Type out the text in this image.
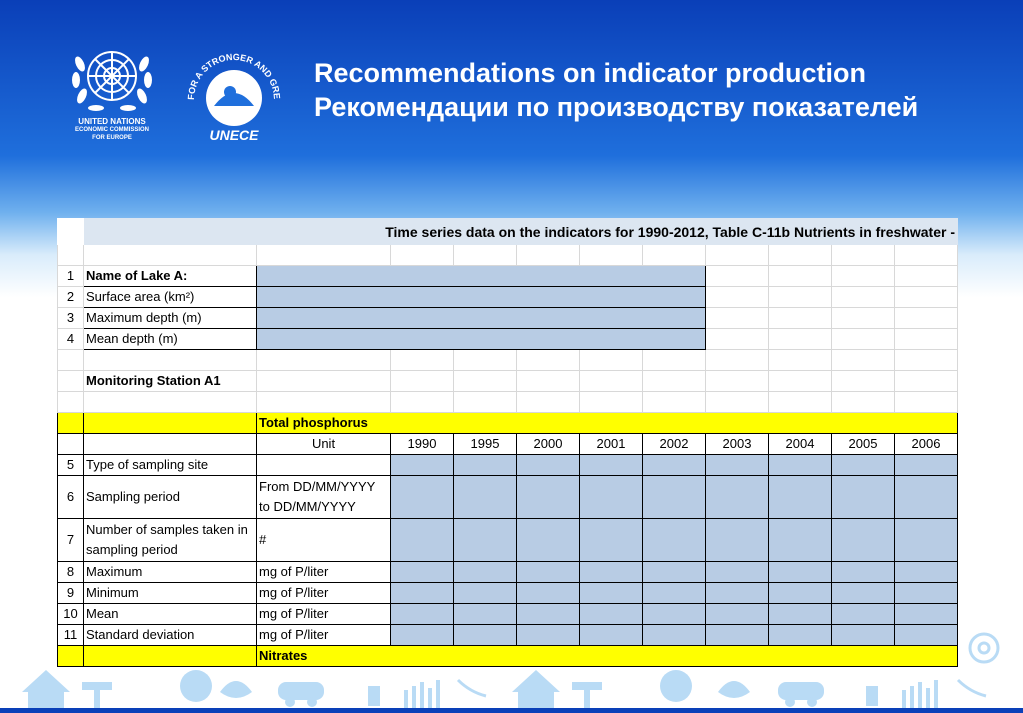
UNITED NATIONS
ECONOMIC COMMISSION
FOR EUROPE
FOR A STRONGER AND GRE
UNECE
Recommendations on indicator production
Рекомендации по производству показателей
	Time series data on the indicators for 1990-2012, Table C-11b Nutrients in freshwater -										

1	Name of Lake A:										
2	Surface area (km²)										
3	Maximum depth (m)										
4	Mean depth (m)										

	Monitoring Station A1										

		Total phosphorus									
		Unit	1990	1995	2000	2001	2002	2003	2004	2005	2006
5	Type of sampling site										
6	Sampling period	From DD/MM/YYYY to DD/MM/YYYY									
7	Number of samples taken in sampling period	#									
8	Maximum	mg of P/liter									
9	Minimum	mg of P/liter									
10	Mean	mg of P/liter									
11	Standard deviation	mg of P/liter									
		Nitrates									
